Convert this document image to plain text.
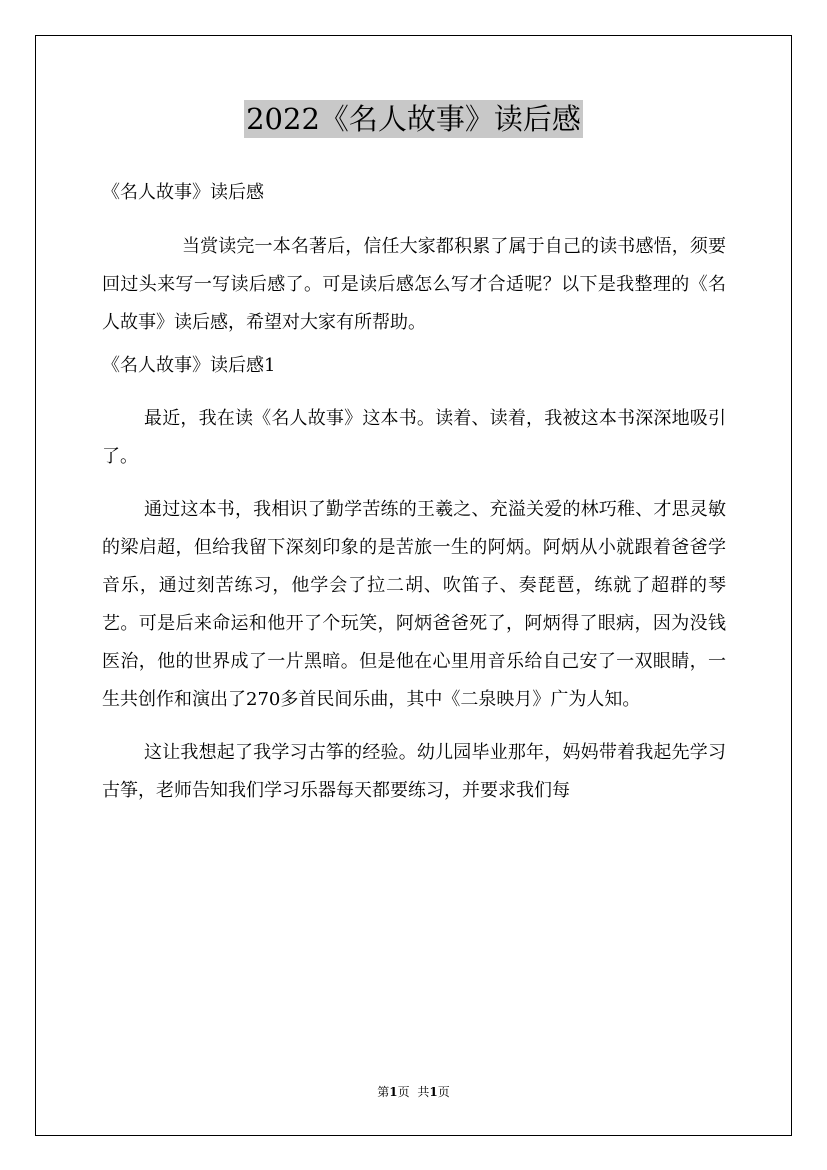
2022《名人故事》读后感

《名人故事》读后感

当赏读完一本名著后，信任大家都积累了属于自己的读书感悟，须要回过头来写一写读后感了。可是读后感怎么写才合适呢？以下是我整理的《名人故事》读后感，希望对大家有所帮助。

《名人故事》读后感1

最近，我在读《名人故事》这本书。读着、读着，我被这本书深深地吸引了。

通过这本书，我相识了勤学苦练的王羲之、充溢关爱的林巧稚、才思灵敏的梁启超，但给我留下深刻印象的是苦旅一生的阿炳。阿炳从小就跟着爸爸学音乐，通过刻苦练习，他学会了拉二胡、吹笛子、奏琵琶，练就了超群的琴艺。可是后来命运和他开了个玩笑，阿炳爸爸死了，阿炳得了眼病，因为没钱医治，他的世界成了一片黑暗。但是他在心里用音乐给自己安了一双眼睛，一生共创作和演出了270多首民间乐曲，其中《二泉映月》广为人知。

这让我想起了我学习古筝的经验。幼儿园毕业那年，妈妈带着我起先学习古筝，老师告知我们学习乐器每天都要练习，并要求我们每

第1页 共1页
